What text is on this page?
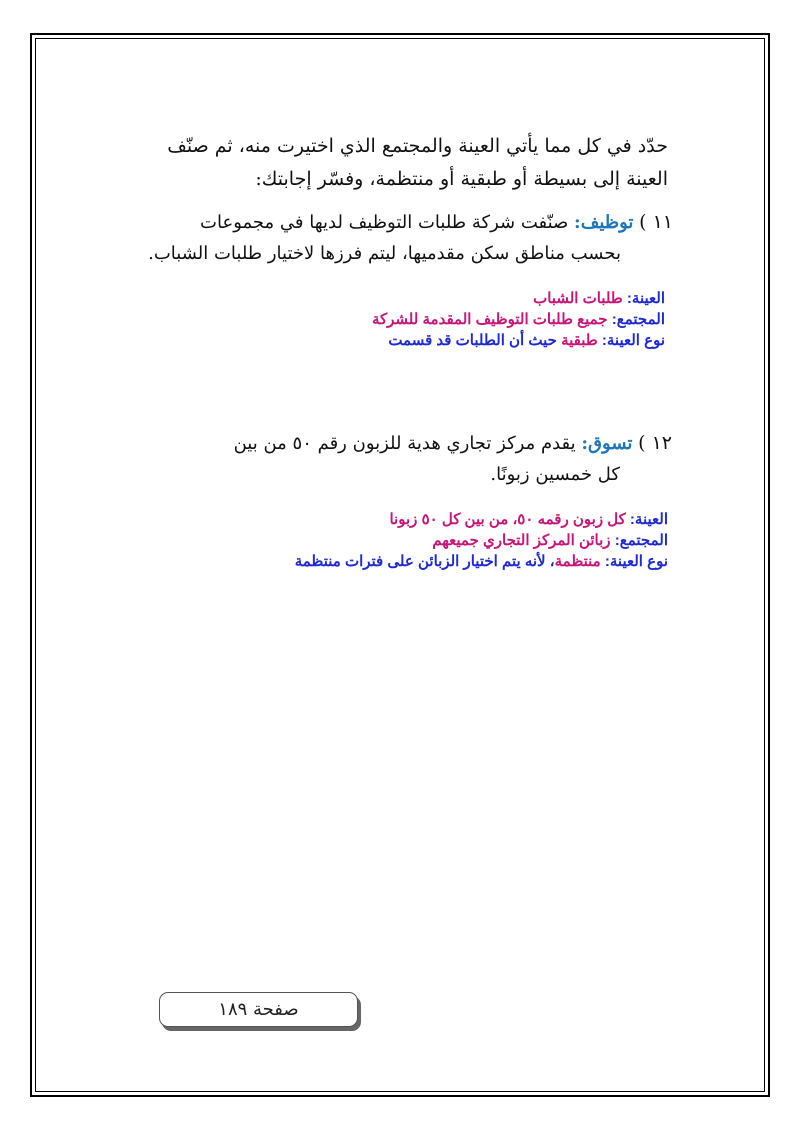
حدّد في كل مما يأتي العينة والمجتمع الذي اختيرت منه، ثم صنّف
العينة إلى بسيطة أو طبقية أو منتظمة، وفسّر إجابتك:
١١ ) توظيف: صنّفت شركة طلبات التوظيف لديها في مجموعات
بحسب مناطق سكن مقدميها، ليتم فرزها لاختيار طلبات الشباب.
العينة: طلبات الشباب
المجتمع: جميع طلبات التوظيف المقدمة للشركة
نوع العينة: طبقية حيث أن الطلبات قد قسمت
١٢ ) تسوق: يقدم مركز تجاري هدية للزبون رقم ٥٠ من بين
كل خمسين زبونًا.
العينة: كل زبون رقمه ٥٠، من بين كل ٥٠ زبونا
المجتمع: زبائن المركز التجاري جميعهم
نوع العينة: منتظمة، لأنه يتم اختيار الزبائن على فترات منتظمة
صفحة ١٨٩
